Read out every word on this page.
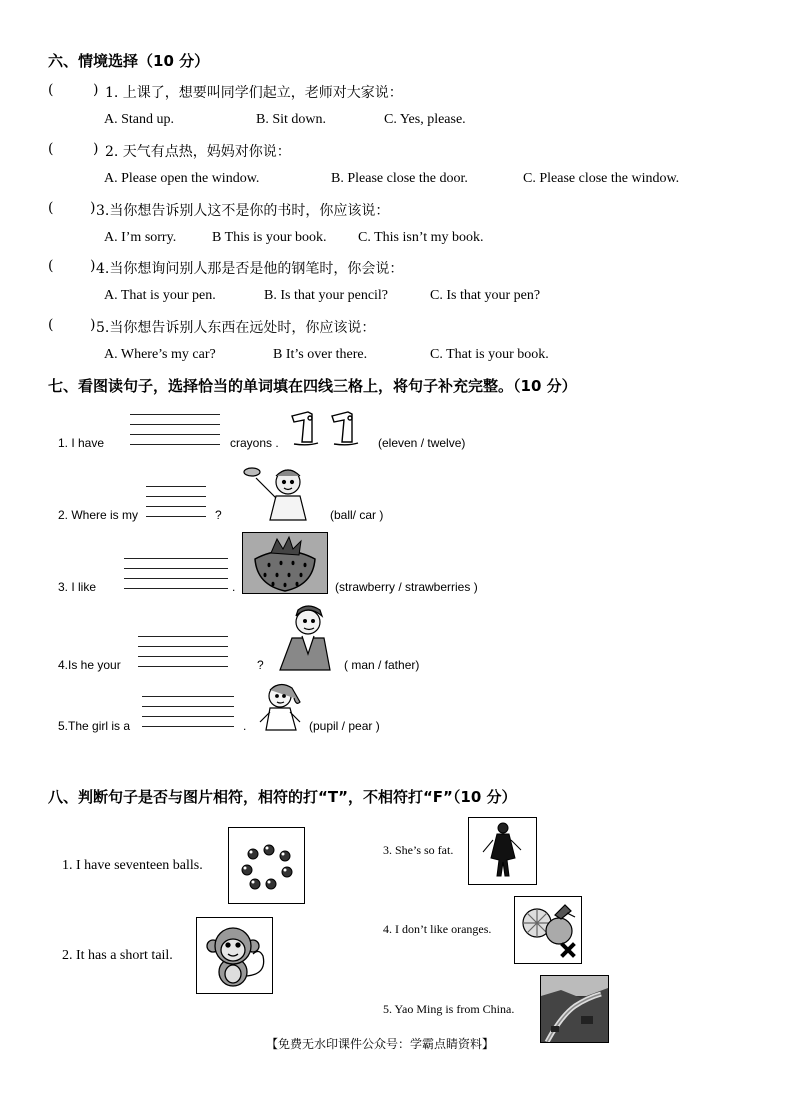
六、情境选择（10 分）
(	) 1. 上课了，想要叫同学们起立，老师对大家说：
A. Stand up.	B. Sit down.	C. Yes, please.
(	) 2. 天气有点热，妈妈对你说：
A. Please open the window.	B. Please close the door.	C. Please close the window.
(	) 3.当你想告诉别人这不是你的书时，你应该说：
A. I’m sorry.	B This is your book. C. This isn’t my book.
(	) 4.当你想询问别人那是否是他的钢笔时，你会说：
A. That is your pen.	B. Is that your pencil?	C. Is that your pen?
(	) 5.当你想告诉别人东西在远处时，你应该说：
A. Where’s my car?	B It’s over there.	C. That is your book.
七、看图读句子，选择恰当的单词填在四线三格上，将句子补充完整。（10 分）
1. I have	crayons .	(eleven / twelve)
2. Where is my	?	(ball/ car )
3. I like	.	(strawberry / strawberries )
4.Is he your	?	( man / father)
5.The girl is a	.	(pupil / pear )
八、判断句子是否与图片相符，相符的打“T”，不相符打“F”（10 分）
1. I have seventeen balls.
2. It has a short tail.
3. She’s so fat.
4. I don’t like oranges.
5. Yao Ming is from China.
【免费无水印课件公众号：学霸点睛资料】
